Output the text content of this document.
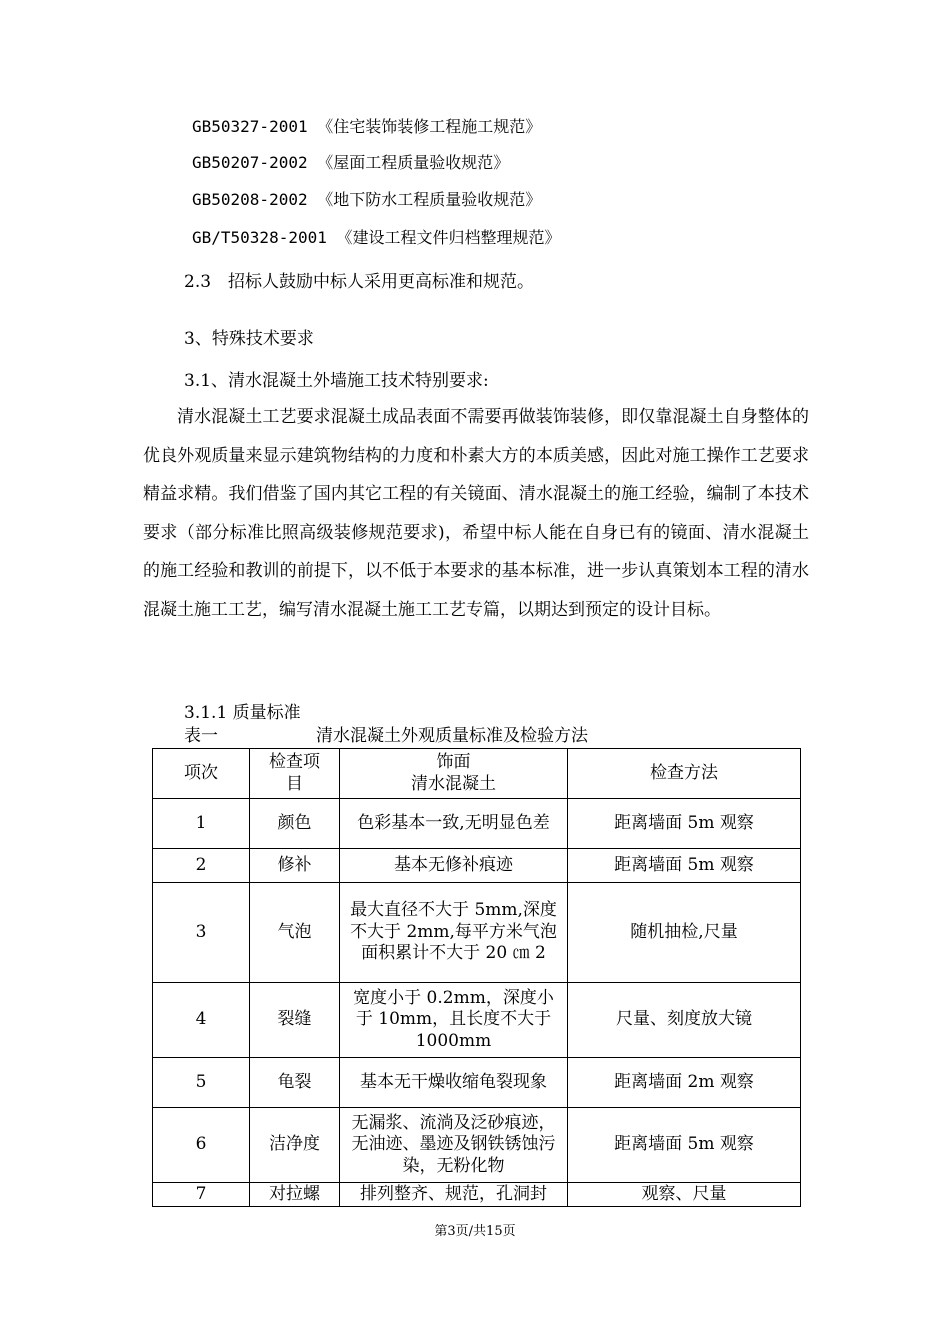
GB50327-2001 《住宅装饰装修工程施工规范》
GB50207-2002 《屋面工程质量验收规范》
GB50208-2002 《地下防水工程质量验收规范》
GB/T50328-2001 《建设工程文件归档整理规范》
2.3　招标人鼓励中标人采用更高标准和规范。
3、特殊技术要求
3.1、清水混凝土外墙施工技术特别要求:

清水混凝土工艺要求混凝土成品表面不需要再做装饰装修，即仅靠混凝土自身整体的优良外观质量来显示建筑物结构的力度和朴素大方的本质美感，因此对施工操作工艺要求精益求精。我们借鉴了国内其它工程的有关镜面、清水混凝土的施工经验，编制了本技术要求（部分标准比照高级装修规范要求)，希望中标人能在自身已有的镜面、清水混凝土的施工经验和教训的前提下，以不低于本要求的基本标准，进一步认真策划本工程的清水混凝土施工工艺，编写清水混凝土施工工艺专篇，以期达到预定的设计目标。

3.1.1 质量标准
表一	清水混凝土外观质量标准及检验方法
项次	检查项目	饰面
清水混凝土	检查方法
1	颜色	色彩基本一致,无明显色差	距离墙面 5m 观察
2	修补	基本无修补痕迹	距离墙面 5m 观察
3	气泡	最大直径不大于 5mm,深度不大于 2mm,每平方米气泡面积累计不大于 20 ㎝ 2	随机抽检,尺量
4	裂缝	宽度小于 0.2mm，深度小于 10mm，且长度不大于 1000mm	尺量、刻度放大镜
5	龟裂	基本无干燥收缩龟裂现象	距离墙面 2m 观察
6	洁净度	无漏浆、流淌及泛砂痕迹，无油迹、墨迹及钢铁锈蚀污染，无粉化物	距离墙面 5m 观察
7	对拉螺	排列整齐、规范，孔洞封	观察、尺量
第3页/共15页
